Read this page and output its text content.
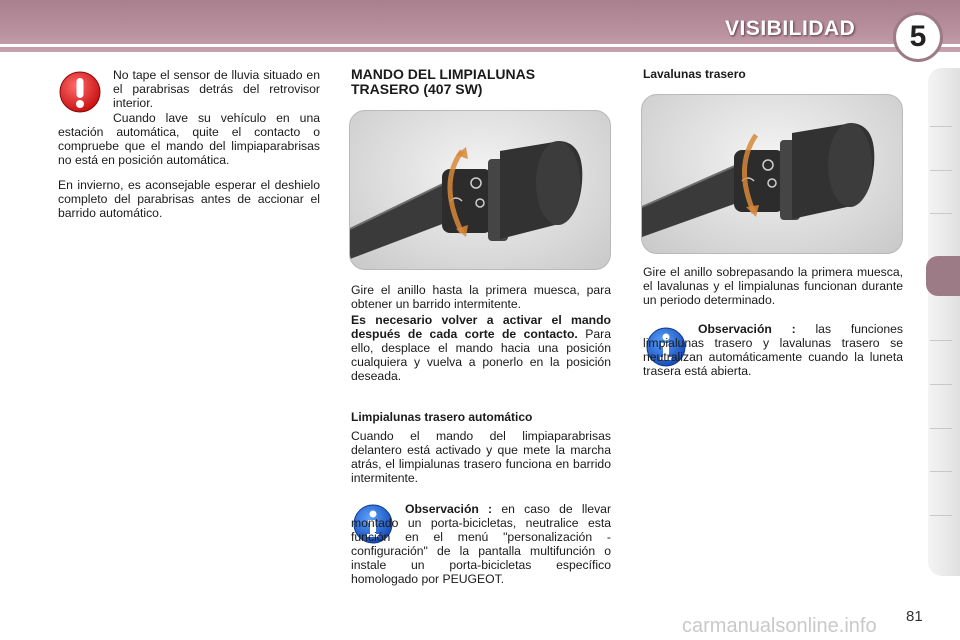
VISIBILIDAD	5
No tape el sensor de lluvia situado en el parabrisas detrás del retrovisor interior.
Cuando lave su vehículo en una estación automática, quite el contacto o compruebe que el mando del limpiaparabrisas no está en posición automática.
En invierno, es aconsejable esperar el deshielo completo del parabrisas antes de accionar el barrido automático.
MANDO DEL LIMPIALUNAS TRASERO (407 SW)
Gire el anillo hasta la primera muesca, para obtener un barrido intermitente.
Es necesario volver a activar el mando después de cada corte de contacto. Para ello, desplace el mando hacia una posición cualquiera y vuelva a ponerlo en la posición deseada.
Limpialunas trasero automático
Cuando el mando del limpiaparabrisas delantero está activado y que mete la marcha atrás, el limpialunas trasero funciona en barrido intermitente.
Observación : en caso de llevar montado un porta-bicicletas, neutralice esta función en el menú "personalización - configuración" de la pantalla multifunción o instale un porta-bicicletas específico homologado por PEUGEOT.
Lavalunas trasero
Gire el anillo sobrepasando la primera muesca, el lavalunas y el limpialunas funcionan durante un periodo determinado.
Observación : las funciones limpialunas trasero y lavalunas trasero se neutralizan automáticamente cuando la luneta trasera está abierta.
81
carmanualsonline.info
